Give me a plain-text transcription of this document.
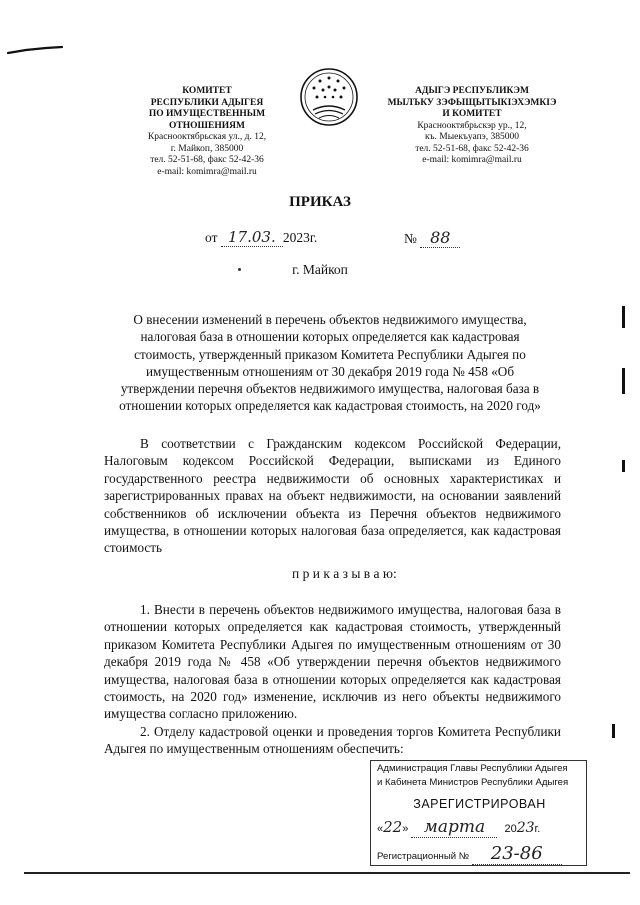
КОМИТЕТ
РЕСПУБЛИКИ АДЫГЕЯ
ПО ИМУЩЕСТВЕННЫМ ОТНОШЕНИЯМ
Краснооктябрьская ул., д. 12,
г. Майкоп, 385000
тел. 52-51-68, факс 52-42-36
e-mail: komimra@mail.ru
АДЫГЭ РЕСПУБЛИКЭМ
МЫЛЪКУ ЗЭФЫЩЫТЫКІЭХЭМКІЭ
И КОМИТЕТ
Краснооктябрьскэр ур., 12,
къ. Мыекъуапэ, 385000
тел. 52-51-68, факс 52-42-36
e-mail: komimra@mail.ru
ПРИКАЗ
от 17.03. 2023г.	№ 88
г. Майкоп
О внесении изменений в перечень объектов недвижимого имущества,
налоговая база в отношении которых определяется как кадастровая
стоимость, утвержденный приказом Комитета Республики Адыгея по
имущественным отношениям от 30 декабря 2019 года № 458 «Об
утверждении перечня объектов недвижимого имущества, налоговая база в
отношении которых определяется как кадастровая стоимость, на 2020 год»
В соответствии с Гражданским кодексом Российской Федерации, Налоговым кодексом Российской Федерации, выписками из Единого государственного реестра недвижимости об основных характеристиках и зарегистрированных правах на объект недвижимости, на основании заявлений собственников об исключении объекта из Перечня объектов недвижимого имущества, в отношении которых налоговая база определяется, как кадастровая стоимость
п р и к а з ы в а ю:
1. Внести в перечень объектов недвижимого имущества, налоговая база в отношении которых определяется как кадастровая стоимость, утвержденный приказом Комитета Республики Адыгея по имущественным отношениям от 30 декабря 2019 года № 458 «Об утверждении перечня объектов недвижимого имущества, налоговая база в отношении которых определяется как кадастровая стоимость, на 2020 год» изменение, исключив из него объекты недвижимого имущества согласно приложению.
2. Отделу кадастровой оценки и проведения торгов Комитета Республики Адыгея по имущественным отношениям обеспечить:
Администрация Главы Республики Адыгея
и Кабинета Министров Республики Адыгея
ЗАРЕГИСТРИРОВАН
«22» марта 2023г.
Регистрационный № 23-86
